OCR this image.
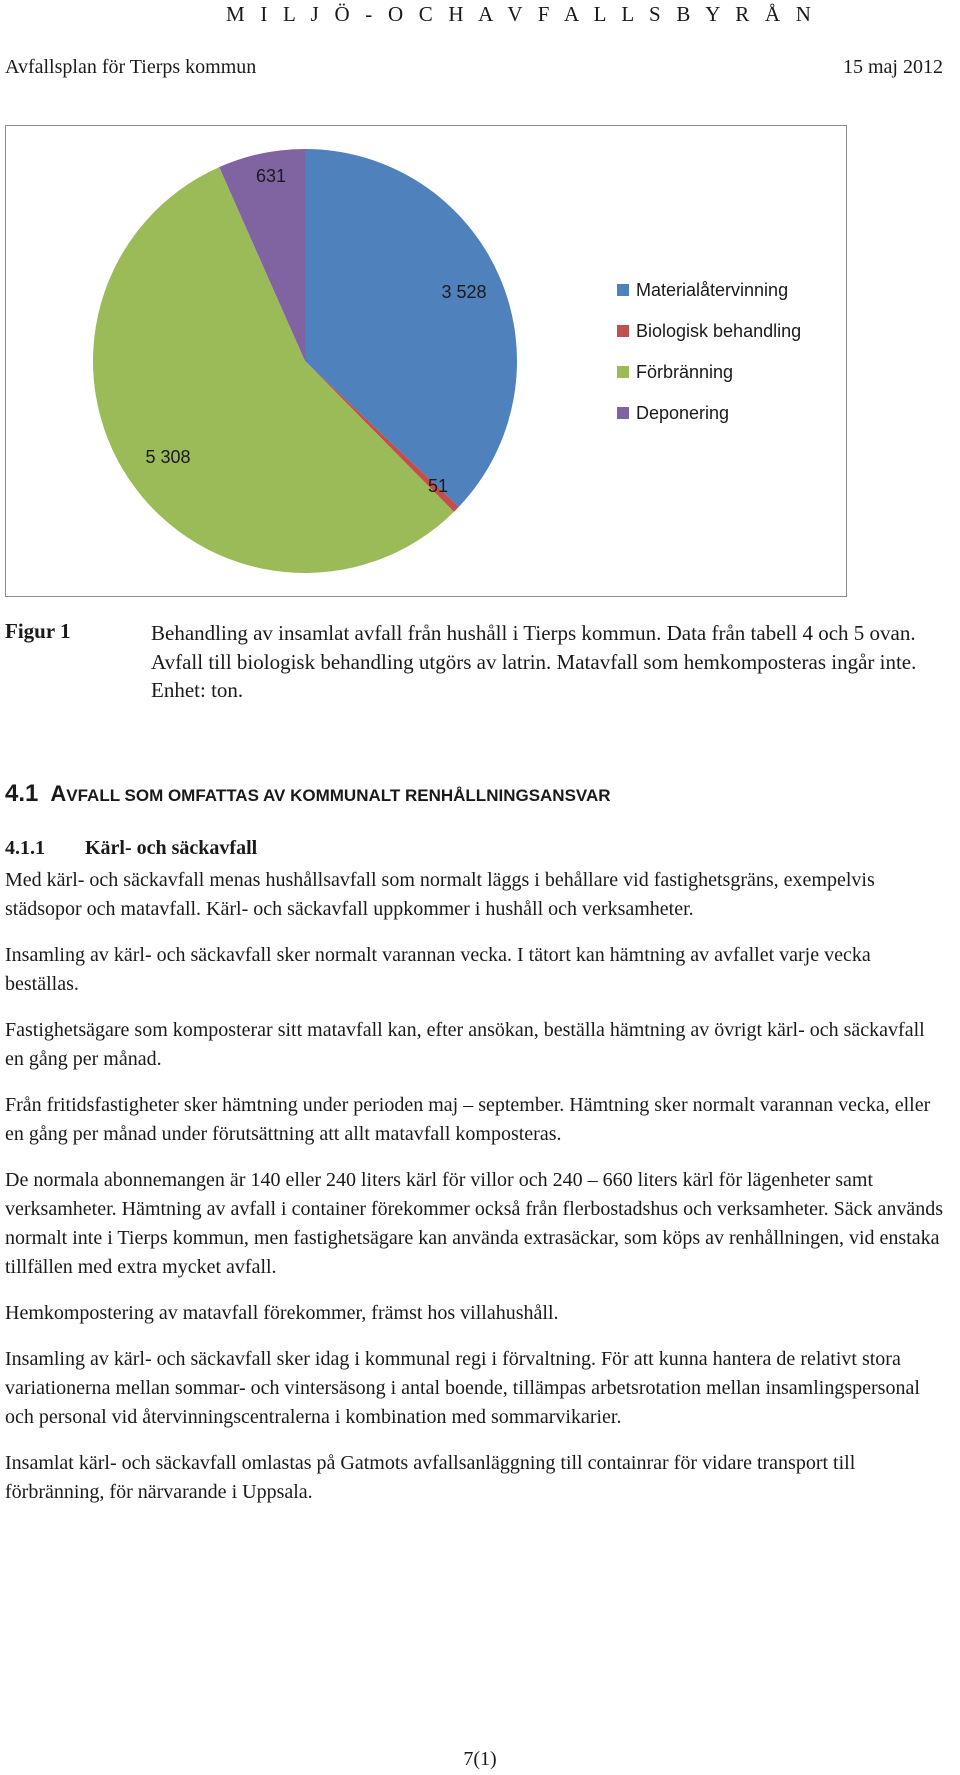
M I L J Ö - O C H A V F A L L S B Y R Å N
Avfallsplan för Tierps kommun	15 maj 2012
3 528
51
5 308
631
Materialåtervinning
Biologisk behandling
Förbränning
Deponering
Figur 1	Behandling av insamlat avfall från hushåll i Tierps kommun. Data från tabell 4 och 5 ovan. Avfall till biologisk behandling utgörs av latrin. Matavfall som hemkomposteras ingår inte. Enhet: ton.
4.1 AVFALL SOM OMFATTAS AV KOMMUNALT RENHÅLLNINGSANSVAR
4.1.1 Kärl- och säckavfall

Med kärl- och säckavfall menas hushållsavfall som normalt läggs i behållare vid fastighetsgräns, exempelvis städsopor och matavfall. Kärl- och säckavfall uppkommer i hushåll och verksamheter.

Insamling av kärl- och säckavfall sker normalt varannan vecka. I tätort kan hämtning av avfallet varje vecka beställas.

Fastighetsägare som komposterar sitt matavfall kan, efter ansökan, beställa hämtning av övrigt kärl- och säckavfall en gång per månad.

Från fritidsfastigheter sker hämtning under perioden maj – september. Hämtning sker normalt varannan vecka, eller en gång per månad under förutsättning att allt matavfall komposteras.

De normala abonnemangen är 140 eller 240 liters kärl för villor och 240 – 660 liters kärl för lägenheter samt verksamheter. Hämtning av avfall i container förekommer också från flerbostadshus och verksamheter. Säck används normalt inte i Tierps kommun, men fastighetsägare kan använda extrasäckar, som köps av renhållningen, vid enstaka tillfällen med extra mycket avfall.

Hemkompostering av matavfall förekommer, främst hos villahushåll.

Insamling av kärl- och säckavfall sker idag i kommunal regi i förvaltning. För att kunna hantera de relativt stora variationerna mellan sommar- och vintersäsong i antal boende, tillämpas arbetsrotation mellan insamlingspersonal och personal vid återvinningscentralerna i kombination med sommarvikarier.

Insamlat kärl- och säckavfall omlastas på Gatmots avfallsanläggning till containrar för vidare transport till förbränning, för närvarande i Uppsala.

7(1)
